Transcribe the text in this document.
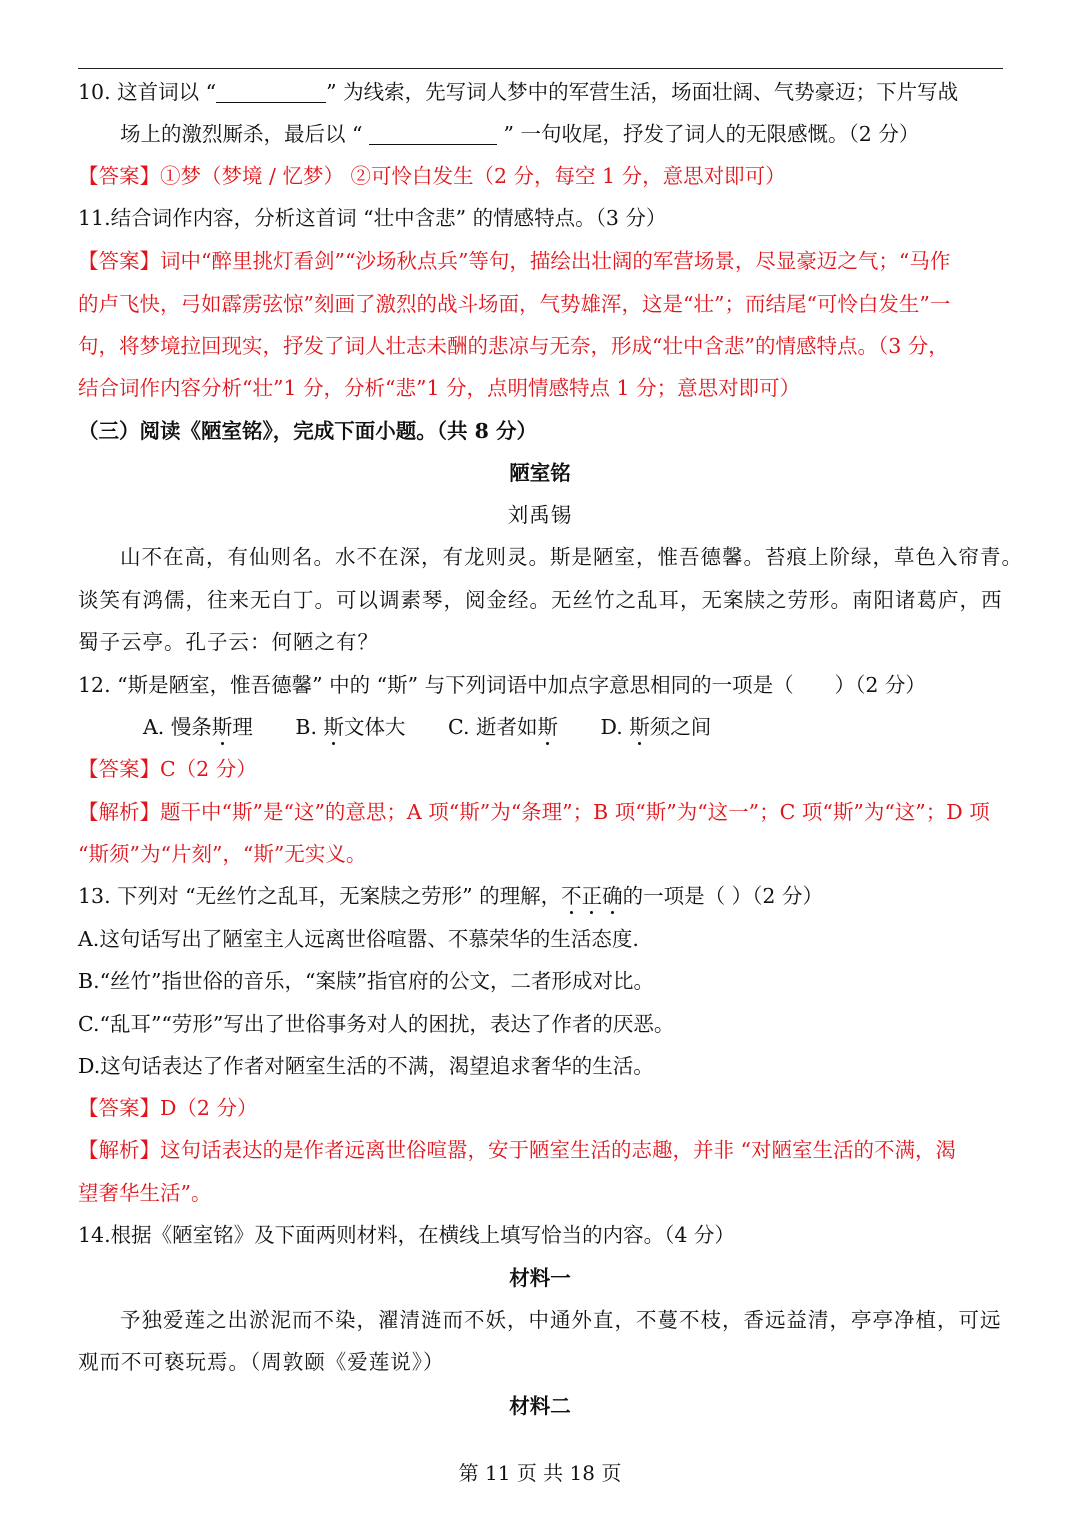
10. 这首词以 “	” 为线索，先写词人梦中的军营生活，场面壮阔、气势豪迈；下片写战
场上的激烈厮杀，最后以 “	” 一句收尾，抒发了词人的无限感慨。（2 分）
【答案】①梦（梦境 / 忆梦） ②可怜白发生（2 分，每空 1 分，意思对即可）
11.结合词作内容，分析这首词 “壮中含悲” 的情感特点。（3 分）
【答案】词中“醉里挑灯看剑”“沙场秋点兵”等句，描绘出壮阔的军营场景，尽显豪迈之气；“马作
的卢飞快，弓如霹雳弦惊”刻画了激烈的战斗场面，气势雄浑，这是“壮”；而结尾“可怜白发生”一
句，将梦境拉回现实，抒发了词人壮志未酬的悲凉与无奈，形成“壮中含悲”的情感特点。（3 分，
结合词作内容分析“壮”1 分，分析“悲”1 分，点明情感特点 1 分；意思对即可）
（三）阅读《陋室铭》，完成下面小题。（共 8 分）
陋室铭
刘禹锡
山不在高，有仙则名。水不在深，有龙则灵。斯是陋室，惟吾德馨。苔痕上阶绿，草色入帘青。
谈笑有鸿儒，往来无白丁。可以调素琴，阅金经。无丝竹之乱耳，无案牍之劳形。南阳诸葛庐，西
蜀子云亭。孔子云：何陋之有？
12. “斯是陋室，惟吾德馨” 中的 “斯” 与下列词语中加点字意思相同的一项是（　　）（2 分）
A. 慢条斯理 B. 斯文体大 C. 逝者如斯 D. 斯须之间
【答案】C（2 分）
【解析】题干中“斯”是“这”的意思；A 项“斯”为“条理”；B 项“斯”为“这一”；C 项“斯”为“这”；D 项
“斯须”为“片刻”，“斯”无实义。
13. 下列对 “无丝竹之乱耳，无案牍之劳形” 的理解，不正确的一项是（ ）（2 分）
A.这句话写出了陋室主人远离世俗喧嚣、不慕荣华的生活态度.
B.“丝竹”指世俗的音乐，“案牍”指官府的公文，二者形成对比。
C.“乱耳”“劳形”写出了世俗事务对人的困扰，表达了作者的厌恶。
D.这句话表达了作者对陋室生活的不满，渴望追求奢华的生活。
【答案】D（2 分）
【解析】这句话表达的是作者远离世俗喧嚣，安于陋室生活的志趣，并非 “对陋室生活的不满，渴
望奢华生活”。
14.根据《陋室铭》及下面两则材料，在横线上填写恰当的内容。（4 分）
材料一
予独爱莲之出淤泥而不染，濯清涟而不妖，中通外直，不蔓不枝，香远益清，亭亭净植，可远
观而不可亵玩焉。（周敦颐《爱莲说》）
材料二
第 11 页 共 18 页
